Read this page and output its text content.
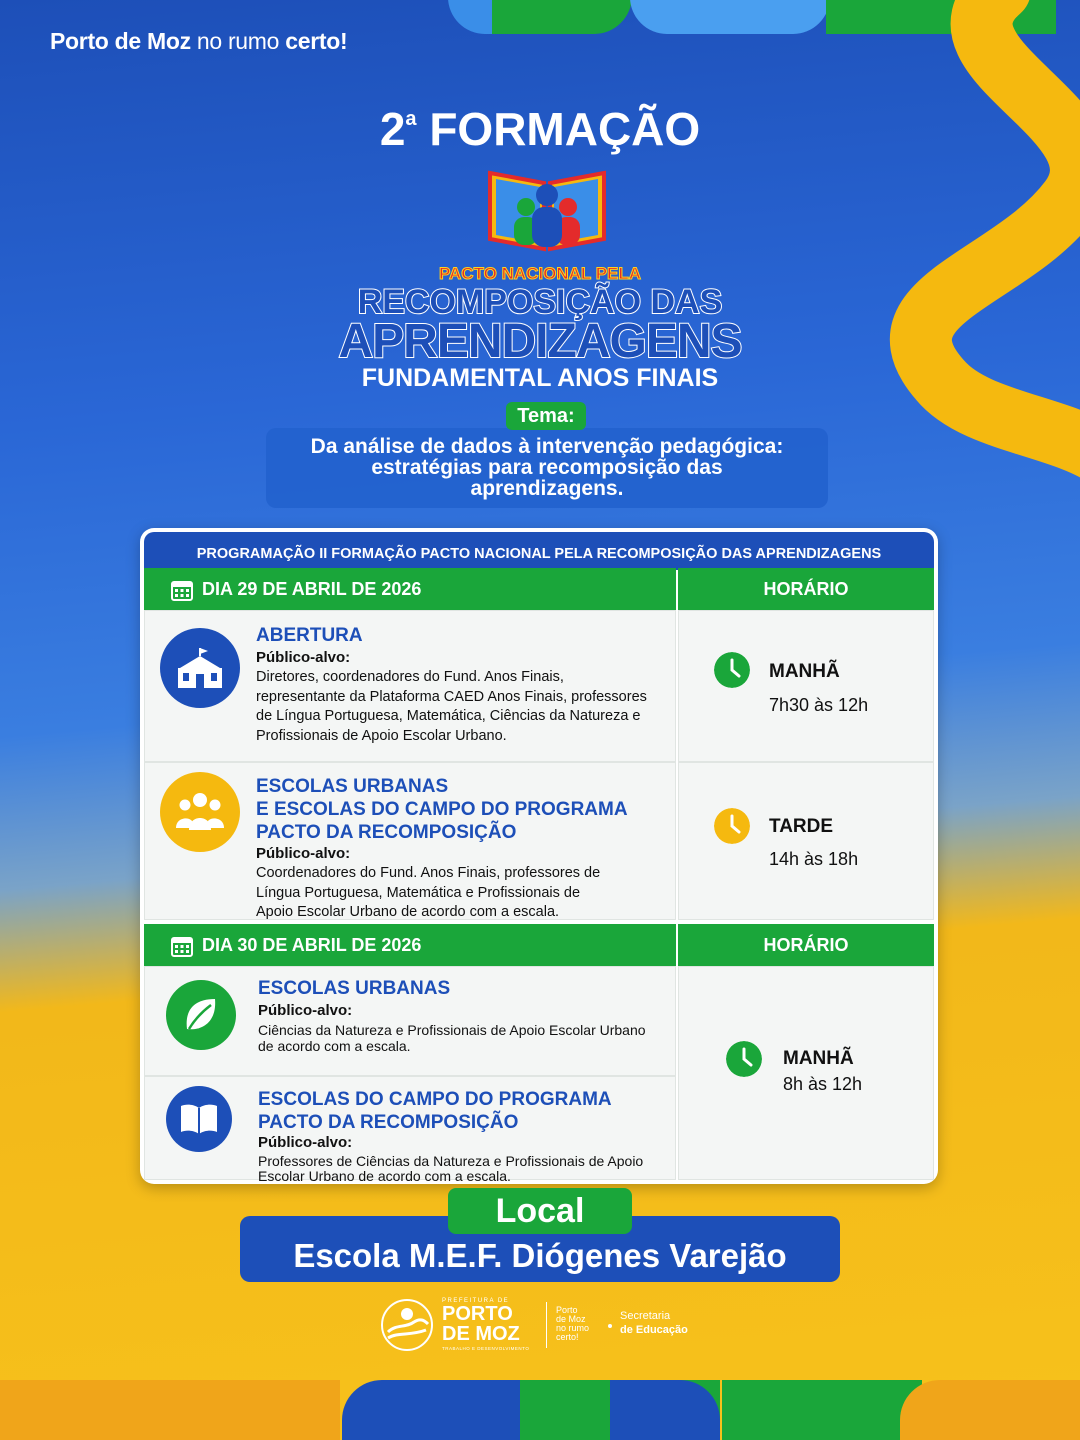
Porto de Moz no rumo certo!
2$^a$ FORMAÇÃO
PACTO NACIONAL PELA
RECOMPOSIÇÃO DAS
APRENDIZAGENS
FUNDAMENTAL ANOS FINAIS
Tema:
Da análise de dados à intervenção pedagógica:
estratégias para recomposição das
aprendizagens.
PROGRAMAÇÃO II FORMAÇÃO PACTO NACIONAL PELA RECOMPOSIÇÃO DAS APRENDIZAGENS
DIA 29 DE ABRIL DE 2026	HORÁRIO
ABERTURA
Público-alvo:
Diretores, coordenadores do Fund. Anos Finais,
representante da Plataforma CAED Anos Finais, professores
de Língua Portuguesa, Matemática, Ciências da Natureza e
Profissionais de Apoio Escolar Urbano.
MANHÃ
7h30 às 12h
ESCOLAS URBANAS
E ESCOLAS DO CAMPO DO PROGRAMA
PACTO DA RECOMPOSIÇÃO
Público-alvo:
Coordenadores do Fund. Anos Finais, professores de
Língua Portuguesa, Matemática e Profissionais de
Apoio Escolar Urbano de acordo com a escala.
TARDE
14h às 18h
DIA 30 DE ABRIL DE 2026	HORÁRIO
ESCOLAS URBANAS
Público-alvo:
Ciências da Natureza e Profissionais de Apoio Escolar Urbano
de acordo com a escala.
ESCOLAS DO CAMPO DO PROGRAMA
PACTO DA RECOMPOSIÇÃO
Público-alvo:
Professores de Ciências da Natureza e Profissionais de Apoio
Escolar Urbano de acordo com a escala.
MANHÃ
8h às 12h
Escola M.E.F. Diógenes Varejão
Local
PREFEITURA DE
PORTO
DE MOZ
TRABALHO E DESENVOLVIMENTO
Porto
de Moz
no rumo
certo!
Secretaria
de Educação
